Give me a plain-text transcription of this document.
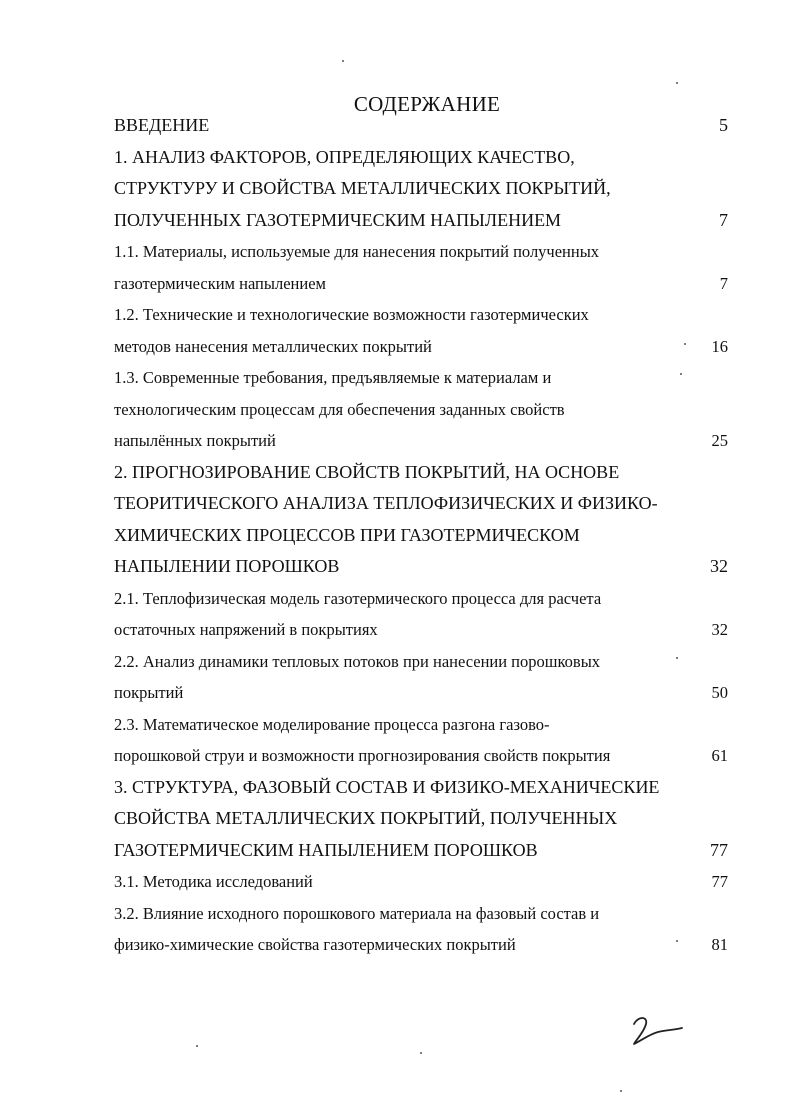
СОДЕРЖАНИЕ
ВВЕДЕНИЕ	5
1. АНАЛИЗ ФАКТОРОВ, ОПРЕДЕЛЯЮЩИХ КАЧЕСТВО,
СТРУКТУРУ И СВОЙСТВА МЕТАЛЛИЧЕСКИХ ПОКРЫТИЙ,
ПОЛУЧЕННЫХ ГАЗОТЕРМИЧЕСКИМ НАПЫЛЕНИЕМ	7
1.1. Материалы, используемые для нанесения покрытий полученных
газотермическим напылением	7
1.2. Технические и технологические возможности газотермических
методов нанесения металлических покрытий	16
1.3. Современные требования, предъявляемые к материалам и
технологическим процессам для обеспечения заданных свойств
напылённых покрытий	25
2. ПРОГНОЗИРОВАНИЕ СВОЙСТВ ПОКРЫТИЙ, НА ОСНОВЕ
ТЕОРИТИЧЕСКОГО АНАЛИЗА ТЕПЛОФИЗИЧЕСКИХ И ФИЗИКО-
ХИМИЧЕСКИХ ПРОЦЕССОВ ПРИ ГАЗОТЕРМИЧЕСКОМ
НАПЫЛЕНИИ ПОРОШКОВ	32
2.1. Теплофизическая модель газотермического процесса для расчета
остаточных напряжений в покрытиях	32
2.2. Анализ динамики тепловых потоков при нанесении порошковых
покрытий	50
2.3. Математическое моделирование процесса разгона газово-
порошковой струи и возможности прогнозирования свойств покрытия	61
3. СТРУКТУРА, ФАЗОВЫЙ СОСТАВ И ФИЗИКО-МЕХАНИЧЕСКИЕ
СВОЙСТВА МЕТАЛЛИЧЕСКИХ ПОКРЫТИЙ, ПОЛУЧЕННЫХ
ГАЗОТЕРМИЧЕСКИМ НАПЫЛЕНИЕМ ПОРОШКОВ	77
3.1. Методика исследований	77
3.2. Влияние исходного порошкового материала на фазовый состав и
физико-химические свойства газотермических покрытий	81
